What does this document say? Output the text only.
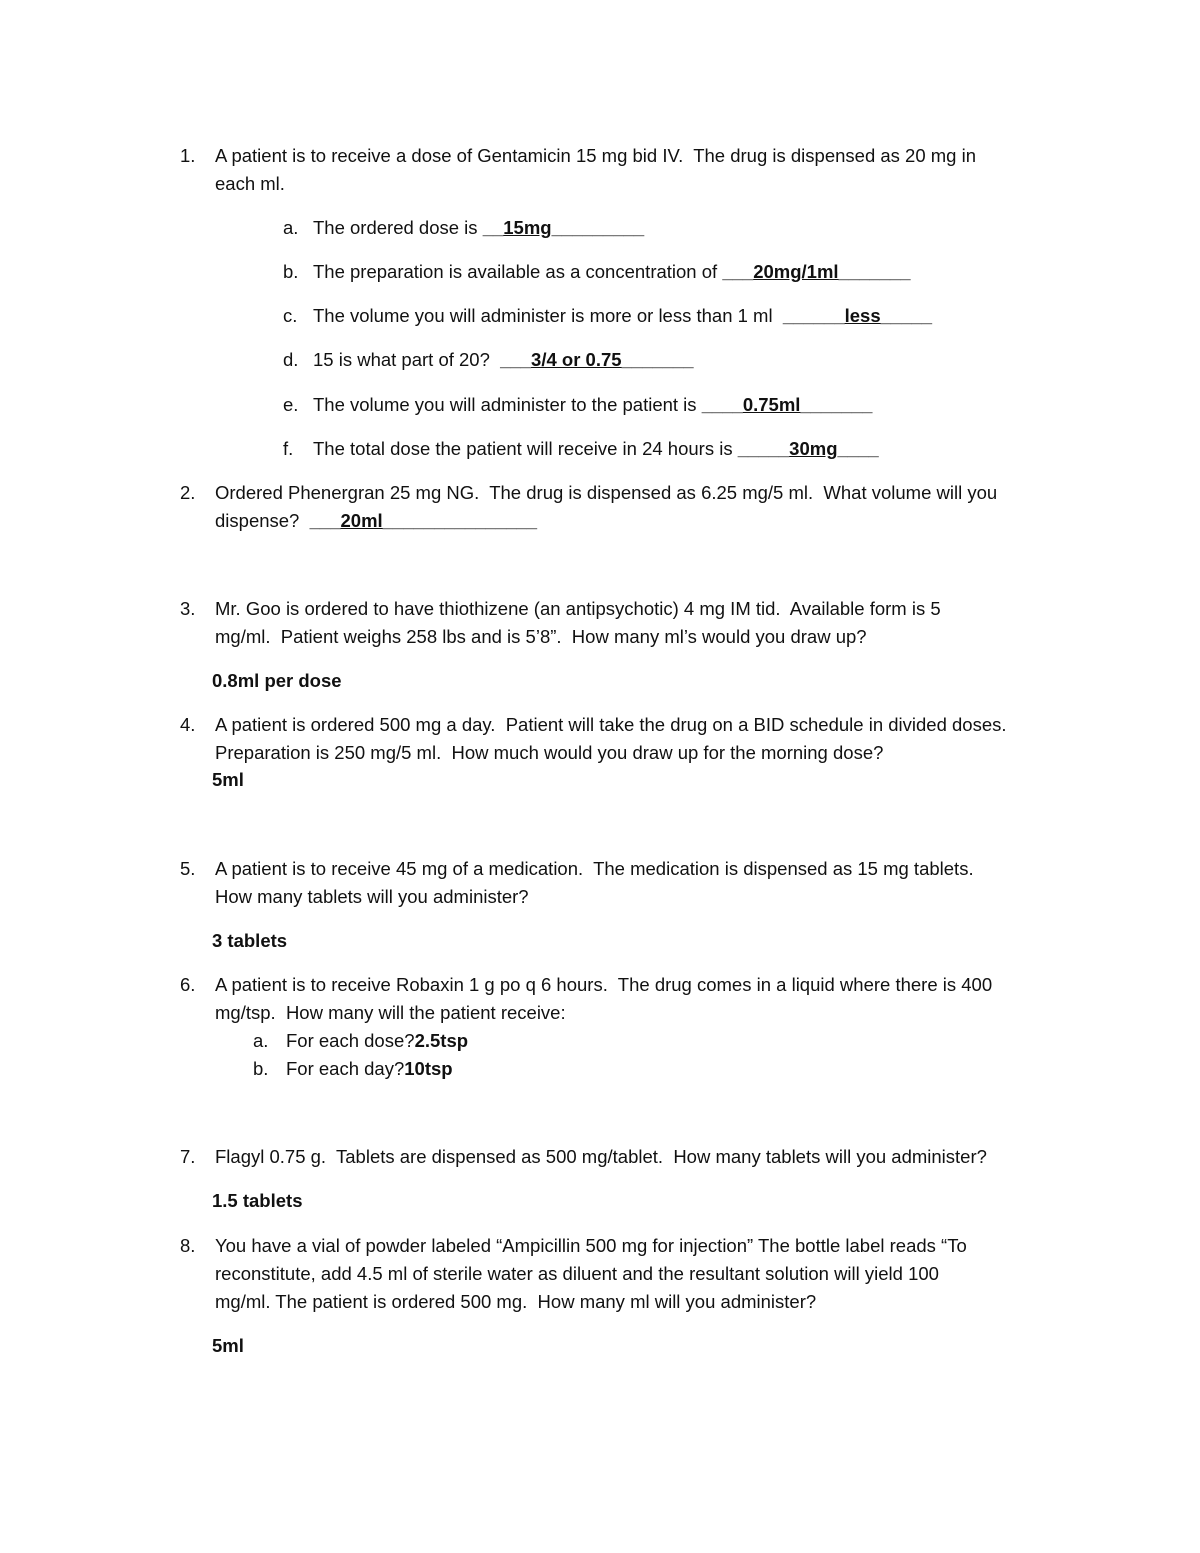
1. A patient is to receive a dose of Gentamicin 15 mg bid IV.  The drug is dispensed as 20 mg in
each ml.
a. The ordered dose is __15mg_________
b. The preparation is available as a concentration of ___20mg/1ml_______
c. The volume you will administer is more or less than 1 ml  ______less_____
d. 15 is what part of 20?  ___3/4 or 0.75_______
e. The volume you will administer to the patient is ____0.75ml_______
f. The total dose the patient will receive in 24 hours is _____30mg____
2. Ordered Phenergran 25 mg NG.  The drug is dispensed as 6.25 mg/5 ml.  What volume will you
dispense?  ___20ml_______________
3. Mr. Goo is ordered to have thiothizene (an antipsychotic) 4 mg IM tid.  Available form is 5
mg/ml.  Patient weighs 258 lbs and is 5’8”.  How many ml’s would you draw up?
0.8ml per dose
4. A patient is ordered 500 mg a day.  Patient will take the drug on a BID schedule in divided doses.
Preparation is 250 mg/5 ml.  How much would you draw up for the morning dose?
5ml
5. A patient is to receive 45 mg of a medication.  The medication is dispensed as 15 mg tablets.
How many tablets will you administer?
3 tablets
6. A patient is to receive Robaxin 1 g po q 6 hours.  The drug comes in a liquid where there is 400
mg/tsp.  How many will the patient receive:
a. For each dose?2.5tsp
b. For each day?10tsp
7. Flagyl 0.75 g.  Tablets are dispensed as 500 mg/tablet.  How many tablets will you administer?
1.5 tablets
8. You have a vial of powder labeled “Ampicillin 500 mg for injection” The bottle label reads “To
reconstitute, add 4.5 ml of sterile water as diluent and the resultant solution will yield 100
mg/ml. The patient is ordered 500 mg.  How many ml will you administer?
5ml
